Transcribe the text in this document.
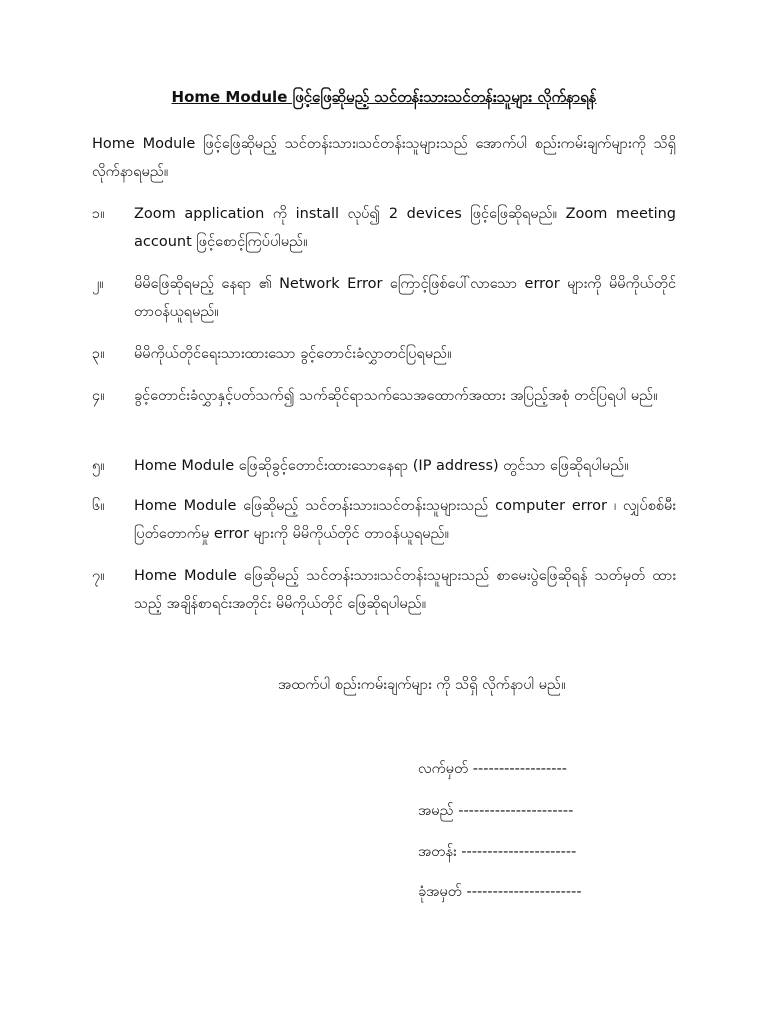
Home Module ဖြင့်ဖြေဆိုမည့် သင်တန်းသားသင်တန်းသူများ လိုက်နာရန်
Home Module ဖြင့်ဖြေဆိုမည့် သင်တန်းသား၊သင်တန်းသူများသည် အောက်ပါ စည်းကမ်းချက်များကို သိရှိ လိုက်နာရမည်။
၁။	Zoom application ကို install လုပ်၍ 2 devices ဖြင့်ဖြေဆိုရမည်။ Zoom meeting account ဖြင့်စောင့်ကြပ်ပါမည်။
၂။	မိမိဖြေဆိုရမည့် နေရာ ၏ Network Error ကြောင့်ဖြစ်ပေါ်လာသော error များကို မိမိကိုယ်တိုင် တာဝန်ယူရမည်။
၃။	မိမိကိုယ်တိုင်ရေးသားထားသော ခွင့်တောင်းခံလွှာတင်ပြရမည်။
၄။	ခွင့်တောင်းခံလွှာနှင့်ပတ်သက်၍ သက်ဆိုင်ရာသက်သေအထောက်အထား အပြည့်အစုံ တင်ပြရပါ မည်။
၅။	Home Module ဖြေဆိုခွင့်တောင်းထားသောနေရာ (IP address) တွင်သာ ဖြေဆိုရပါမည်။
၆။	Home Module ဖြေဆိုမည့် သင်တန်းသား၊သင်တန်းသူများသည် computer error ၊ လျှပ်စစ်မီး ပြတ်တောက်မှု error များကို မိမိကိုယ်တိုင် တာဝန်ယူရမည်။
၇။	Home Module ဖြေဆိုမည့် သင်တန်းသား၊သင်တန်းသူများသည် စာမေးပွဲဖြေဆိုရန် သတ်မှတ် ထားသည့် အချိန်စာရင်းအတိုင်း မိမိကိုယ်တိုင် ဖြေဆိုရပါမည်။
အထက်ပါ စည်းကမ်းချက်များ ကို သိရှိ လိုက်နာပါ မည်။
လက်မှတ် ------------------
အမည် ----------------------
အတန်း ----------------------
ခုံအမှတ် ----------------------
